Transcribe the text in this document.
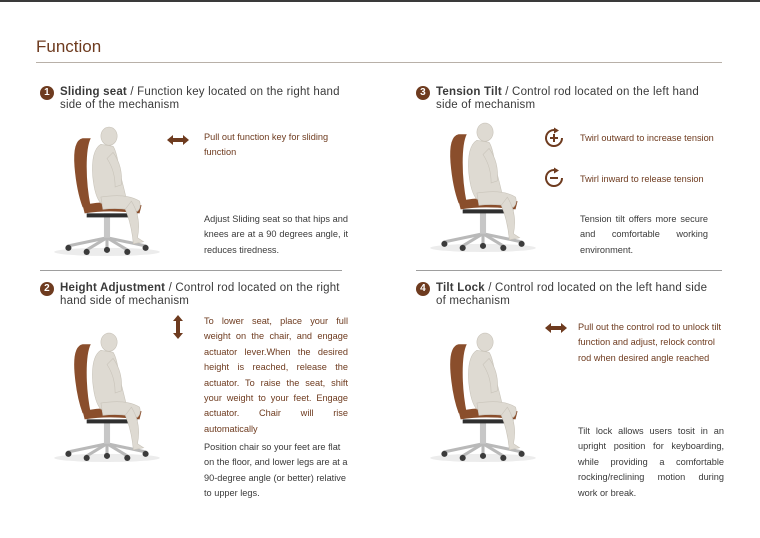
Function
1 Sliding seat / Function key located on the right hand side of the mechanism
Pull out function key for sliding function
Adjust Sliding seat so that hips and knees are at a 90 degrees angle, it reduces tiredness.
2 Height Adjustment / Control rod located on the right hand side of mechanism
To lower seat, place your full weight on the chair, and engage actuator lever.When the desired height is reached, release the actuator. To raise the seat, shift your weight to your feet. Engage actuator. Chair will rise automatically
Position chair so your feet are flat on the floor, and lower legs are at a 90-degree angle (or better) relative to upper legs.
3 Tension Tilt / Control rod located on the left hand side of mechanism
Twirl outward to increase tension
Twirl inward to release tension
Tension tilt offers more secure and comfortable working environment.
4 Tilt Lock / Control rod located on the left hand side of mechanism
Pull out the control rod to unlock tilt function and adjust, relock control rod when desired angle reached
Tilt lock allows users tosit in an upright position for keyboarding, while providing a comfortable rocking/reclining motion during work or break.
